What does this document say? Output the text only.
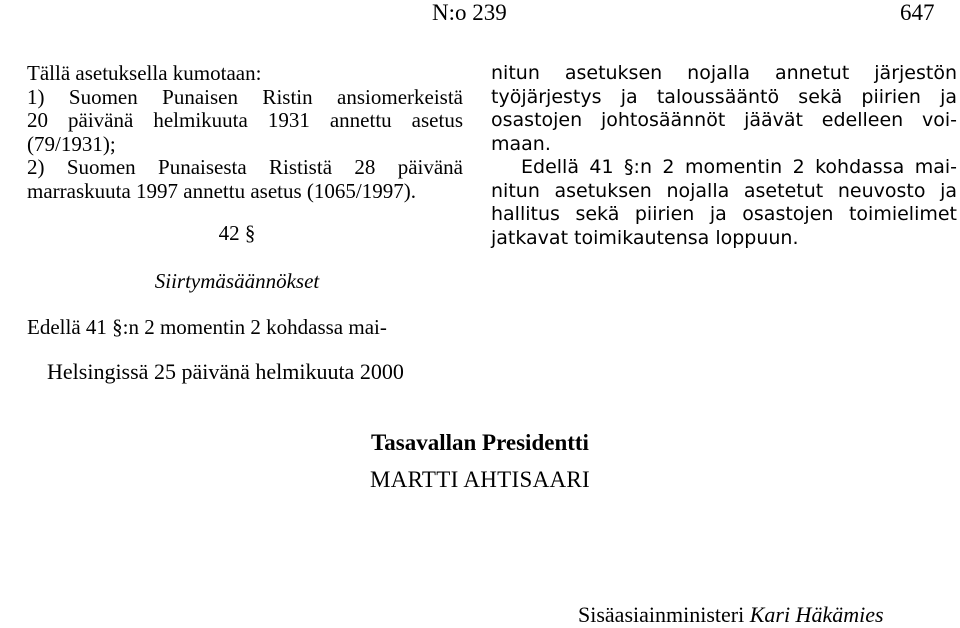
N:o 239	647
Tällä asetuksella kumotaan:
1) Suomen Punaisen Ristin ansiomerkeistä
20 päivänä helmikuuta 1931 annettu asetus
(79/1931);
2) Suomen Punaisesta Rististä 28 päivänä
marraskuuta 1997 annettu asetus (1065/1997).
42 §
Siirtymäsäännökset
Edellä 41 §:n 2 momentin 2 kohdassa mai-
nitun asetuksen nojalla annetut järjestön
työjärjestys ja taloussääntö sekä piirien ja
osastojen johtosäännöt jäävät edelleen voi-
maan.
Edellä 41 §:n 2 momentin 2 kohdassa mai-
nitun asetuksen nojalla asetetut neuvosto ja
hallitus sekä piirien ja osastojen toimielimet
jatkavat toimikautensa loppuun.
Helsingissä 25 päivänä helmikuuta 2000
Tasavallan Presidentti
MARTTI AHTISAARI
Sisäasiainministeri Kari Häkämies
